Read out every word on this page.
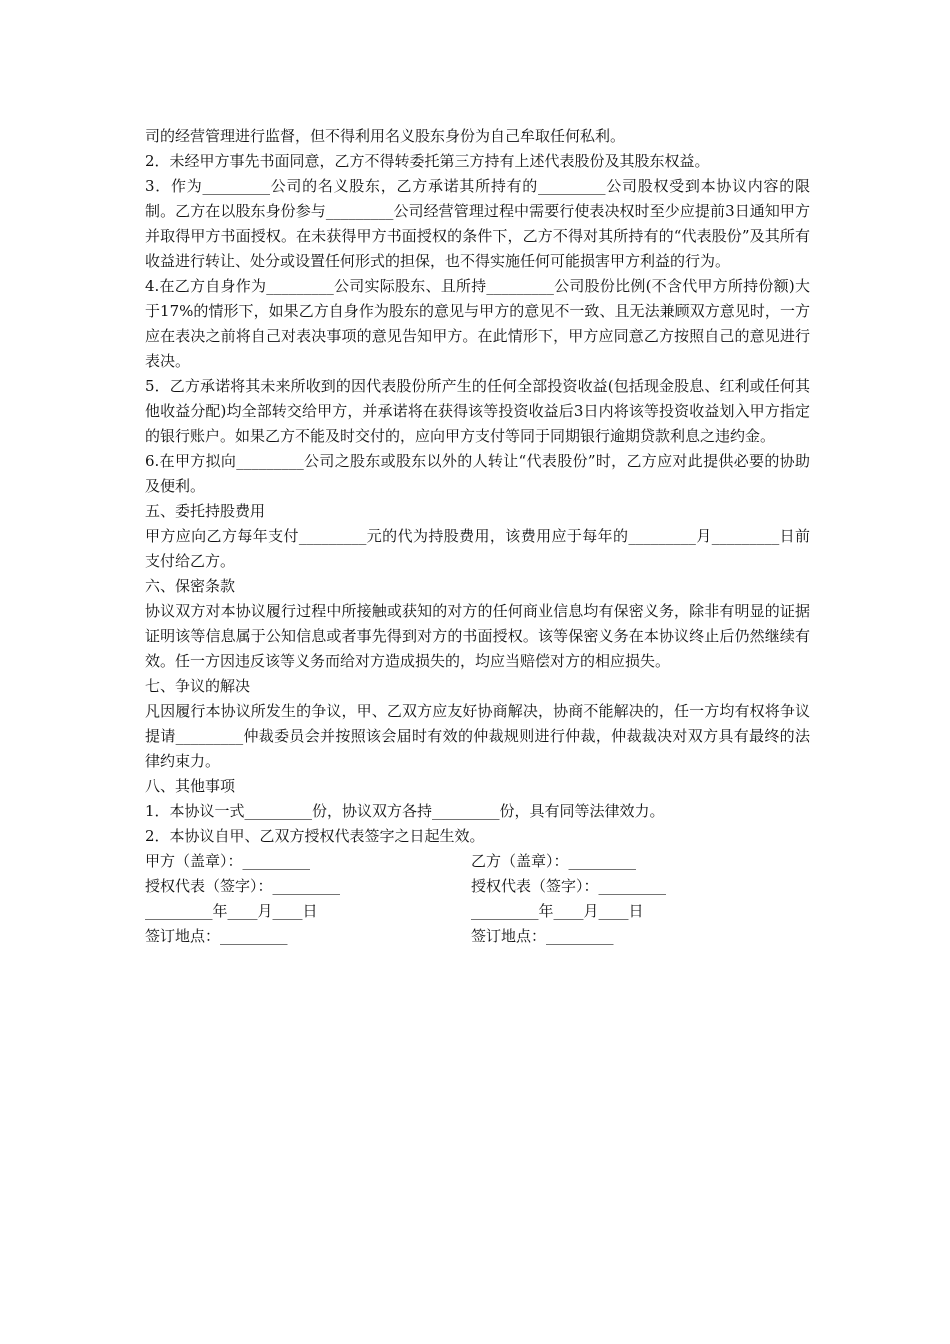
司的经营管理进行监督，但不得利用名义股东身份为自己牟取任何私利。

2．未经甲方事先书面同意，乙方不得转委托第三方持有上述代表股份及其股东权益。

3．作为_________公司的名义股东，乙方承诺其所持有的_________公司股权受到本协议内容的限制。乙方在以股东身份参与_________公司经营管理过程中需要行使表决权时至少应提前3日通知甲方并取得甲方书面授权。在未获得甲方书面授权的条件下，乙方不得对其所持有的“代表股份”及其所有收益进行转让、处分或设置任何形式的担保，也不得实施任何可能损害甲方利益的行为。

4.在乙方自身作为_________公司实际股东、且所持_________公司股份比例(不含代甲方所持份额)大于17%的情形下，如果乙方自身作为股东的意见与甲方的意见不一致、且无法兼顾双方意见时，一方应在表决之前将自己对表决事项的意见告知甲方。在此情形下，甲方应同意乙方按照自己的意见进行表决。

5．乙方承诺将其未来所收到的因代表股份所产生的任何全部投资收益(包括现金股息、红利或任何其他收益分配)均全部转交给甲方，并承诺将在获得该等投资收益后3日内将该等投资收益划入甲方指定的银行账户。如果乙方不能及时交付的，应向甲方支付等同于同期银行逾期贷款利息之违约金。

6.在甲方拟向_________公司之股东或股东以外的人转让“代表股份”时，乙方应对此提供必要的协助及便利。

五、委托持股费用

甲方应向乙方每年支付_________元的代为持股费用，该费用应于每年的_________月_________日前支付给乙方。

六、保密条款

协议双方对本协议履行过程中所接触或获知的对方的任何商业信息均有保密义务，除非有明显的证据证明该等信息属于公知信息或者事先得到对方的书面授权。该等保密义务在本协议终止后仍然继续有效。任一方因违反该等义务而给对方造成损失的，均应当赔偿对方的相应损失。

七、争议的解决

凡因履行本协议所发生的争议，甲、乙双方应友好协商解决，协商不能解决的，任一方均有权将争议提请_________仲裁委员会并按照该会届时有效的仲裁规则进行仲裁，仲裁裁决对双方具有最终的法律约束力。

八、其他事项

1．本协议一式_________份，协议双方各持_________份，具有同等法律效力。

2．本协议自甲、乙双方授权代表签字之日起生效。

甲方（盖章）：_________	乙方（盖章）：_________
授权代表（签字）：_________	授权代表（签字）：_________
_________年____月____日	_________年____月____日
签订地点：_________	签订地点：_________
